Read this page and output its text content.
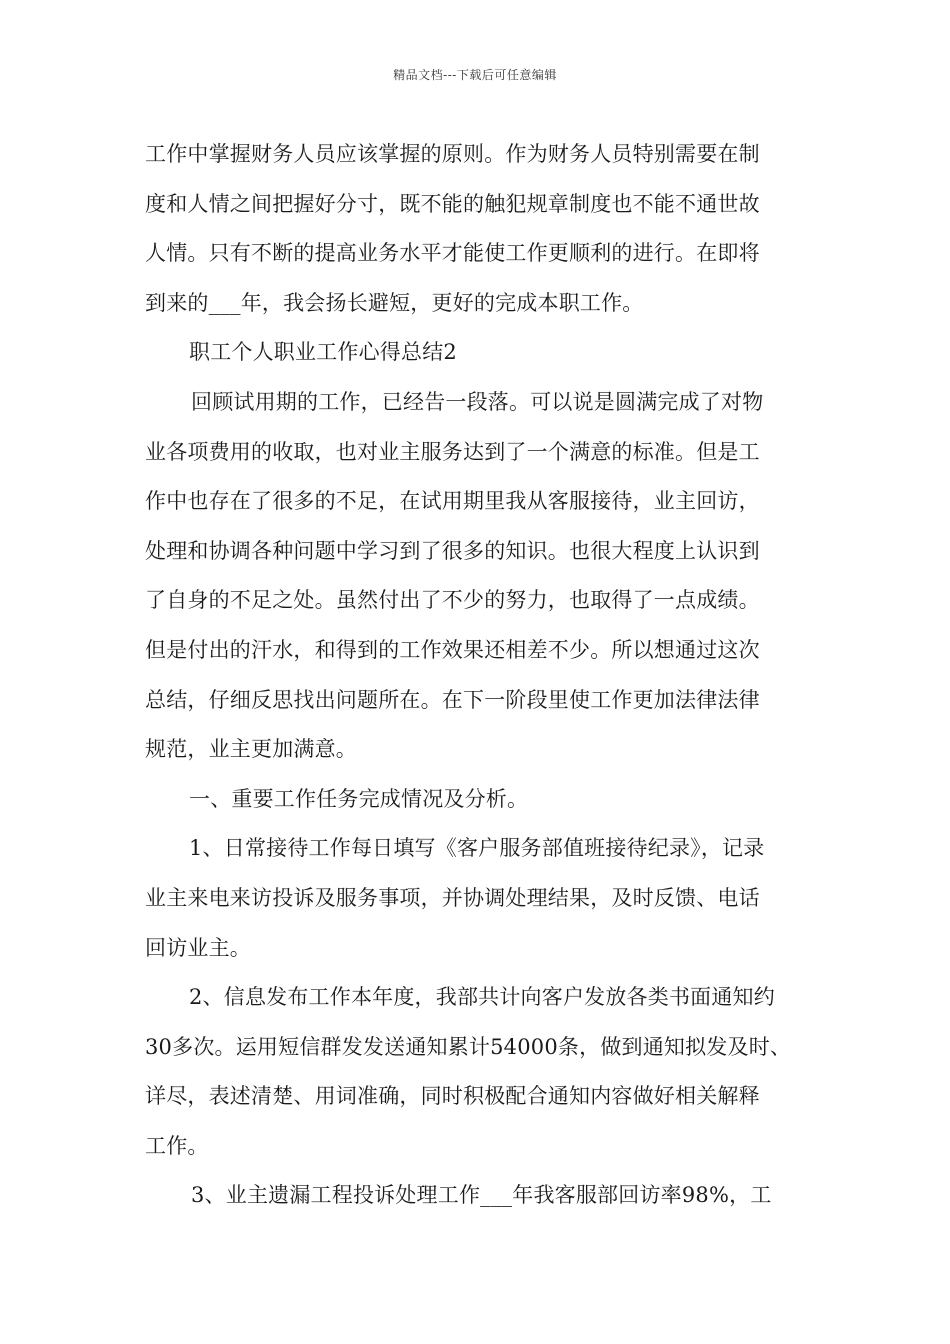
精品文档---下载后可任意编辑
工作中掌握财务人员应该掌握的原则。作为财务人员特别需要在制
度和人情之间把握好分寸，既不能的触犯规章制度也不能不通世故
人情。只有不断的提高业务水平才能使工作更顺利的进行。在即将
到来的___年，我会扬长避短，更好的完成本职工作。
职工个人职业工作心得总结2
回顾试用期的工作，已经告一段落。可以说是圆满完成了对物
业各项费用的收取，也对业主服务达到了一个满意的标准。但是工
作中也存在了很多的不足，在试用期里我从客服接待，业主回访，
处理和协调各种问题中学习到了很多的知识。也很大程度上认识到
了自身的不足之处。虽然付出了不少的努力，也取得了一点成绩。
但是付出的汗水，和得到的工作效果还相差不少。所以想通过这次
总结，仔细反思找出问题所在。在下一阶段里使工作更加法律法律
规范，业主更加满意。
一、重要工作任务完成情况及分析。
1、日常接待工作每日填写《客户服务部值班接待纪录》，记录
业主来电来访投诉及服务事项，并协调处理结果，及时反馈、电话
回访业主。
2、信息发布工作本年度，我部共计向客户发放各类书面通知约
30多次。运用短信群发发送通知累计54000条，做到通知拟发及时、
详尽，表述清楚、用词准确，同时积极配合通知内容做好相关解释
工作。
3、业主遗漏工程投诉处理工作___年我客服部回访率98%，工
